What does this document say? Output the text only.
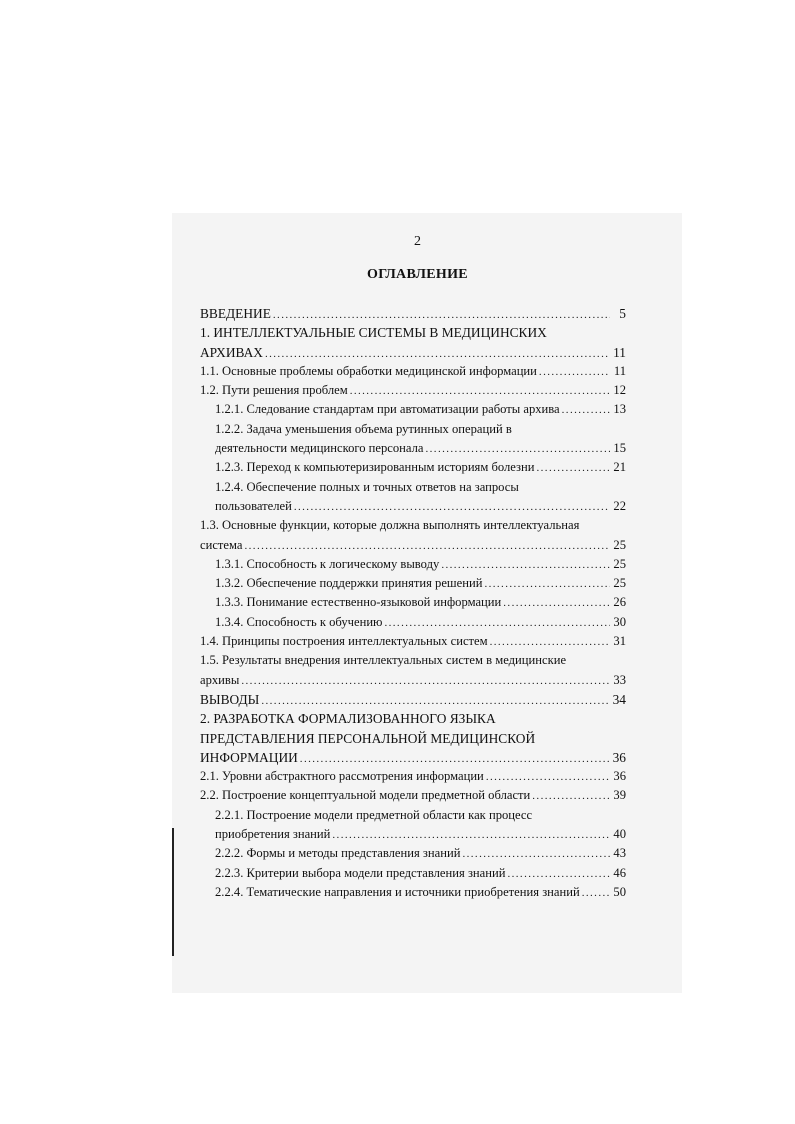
2
ОГЛАВЛЕНИЕ
ВВЕДЕНИЕ .....	5
1. ИНТЕЛЛЕКТУАЛЬНЫЕ СИСТЕМЫ В МЕДИЦИНСКИХ
АРХИВАХ .....	11
1.1. Основные проблемы обработки медицинской информации .....	11
1.2. Пути решения проблем .....	12
1.2.1. Следование стандартам при автоматизации работы архива .....	13
1.2.2. Задача уменьшения объема рутинных операций в
деятельности медицинского персонала .....	15
1.2.3. Переход к компьютеризированным историям болезни .....	21
1.2.4. Обеспечение полных и точных ответов на запросы
пользователей .....	22
1.3. Основные функции, которые должна выполнять интеллектуальная
система .....	25
1.3.1. Способность к логическому выводу .....	25
1.3.2. Обеспечение поддержки принятия решений .....	25
1.3.3. Понимание естественно-языковой информации .....	26
1.3.4. Способность к обучению .....	30
1.4. Принципы построения интеллектуальных систем .....	31
1.5. Результаты внедрения интеллектуальных систем в медицинские
архивы .....	33
ВЫВОДЫ .....	34
2. РАЗРАБОТКА ФОРМАЛИЗОВАННОГО ЯЗЫКА
ПРЕДСТАВЛЕНИЯ ПЕРСОНАЛЬНОЙ МЕДИЦИНСКОЙ
ИНФОРМАЦИИ .....	36
2.1. Уровни абстрактного рассмотрения информации .....	36
2.2. Построение концептуальной модели предметной области .....	39
2.2.1. Построение модели предметной области как процесс
приобретения знаний .....	40
2.2.2. Формы и методы представления знаний .....	43
2.2.3. Критерии выбора модели представления знаний .....	46
2.2.4. Тематические направления и источники приобретения знаний .....	50
